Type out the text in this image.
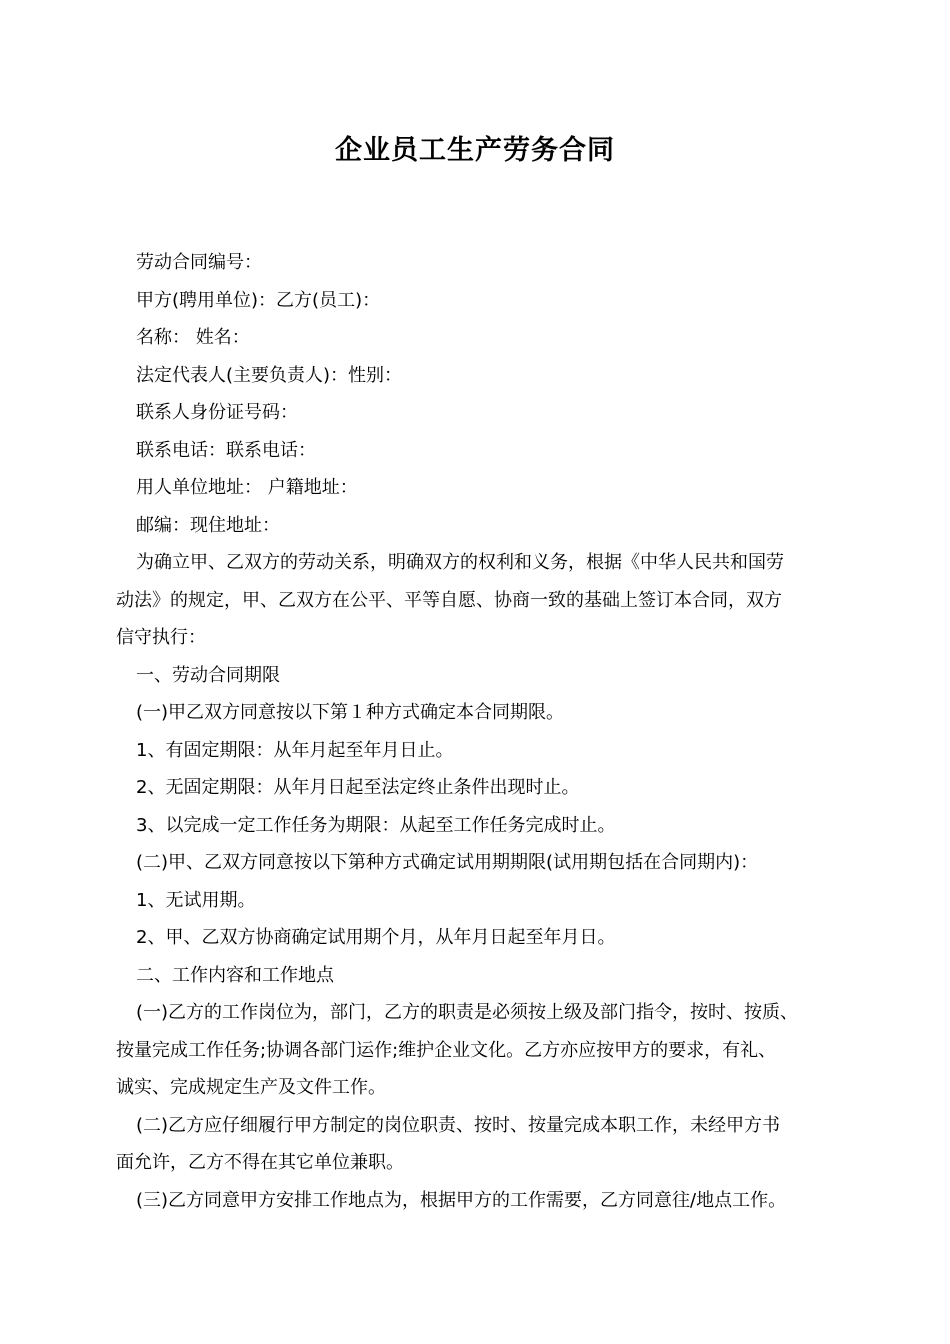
企业员工生产劳务合同

劳动合同编号：

甲方(聘用单位)：乙方(员工)：

名称： 姓名：

法定代表人(主要负责人)：性别：

联系人身份证号码：

联系电话：联系电话：

用人单位地址： 户籍地址：

邮编：现住地址：

为确立甲、乙双方的劳动关系，明确双方的权利和义务，根据《中华人民共和国劳

动法》的规定，甲、乙双方在公平、平等自愿、协商一致的基础上签订本合同，双方

信守执行：

一、劳动合同期限

(一)甲乙双方同意按以下第１种方式确定本合同期限。

1、有固定期限：从年月起至年月日止。

2、无固定期限：从年月日起至法定终止条件出现时止。

3、以完成一定工作任务为期限：从起至工作任务完成时止。

(二)甲、乙双方同意按以下第种方式确定试用期期限(试用期包括在合同期内)：

1、无试用期。

2、甲、乙双方协商确定试用期个月，从年月日起至年月日。

二、工作内容和工作地点

(一)乙方的工作岗位为，部门，乙方的职责是必须按上级及部门指令，按时、按质、

按量完成工作任务;协调各部门运作;维护企业文化。乙方亦应按甲方的要求，有礼、

诚实、完成规定生产及文件工作。

(二)乙方应仔细履行甲方制定的岗位职责、按时、按量完成本职工作，未经甲方书

面允许，乙方不得在其它单位兼职。

(三)乙方同意甲方安排工作地点为，根据甲方的工作需要，乙方同意往/地点工作。
